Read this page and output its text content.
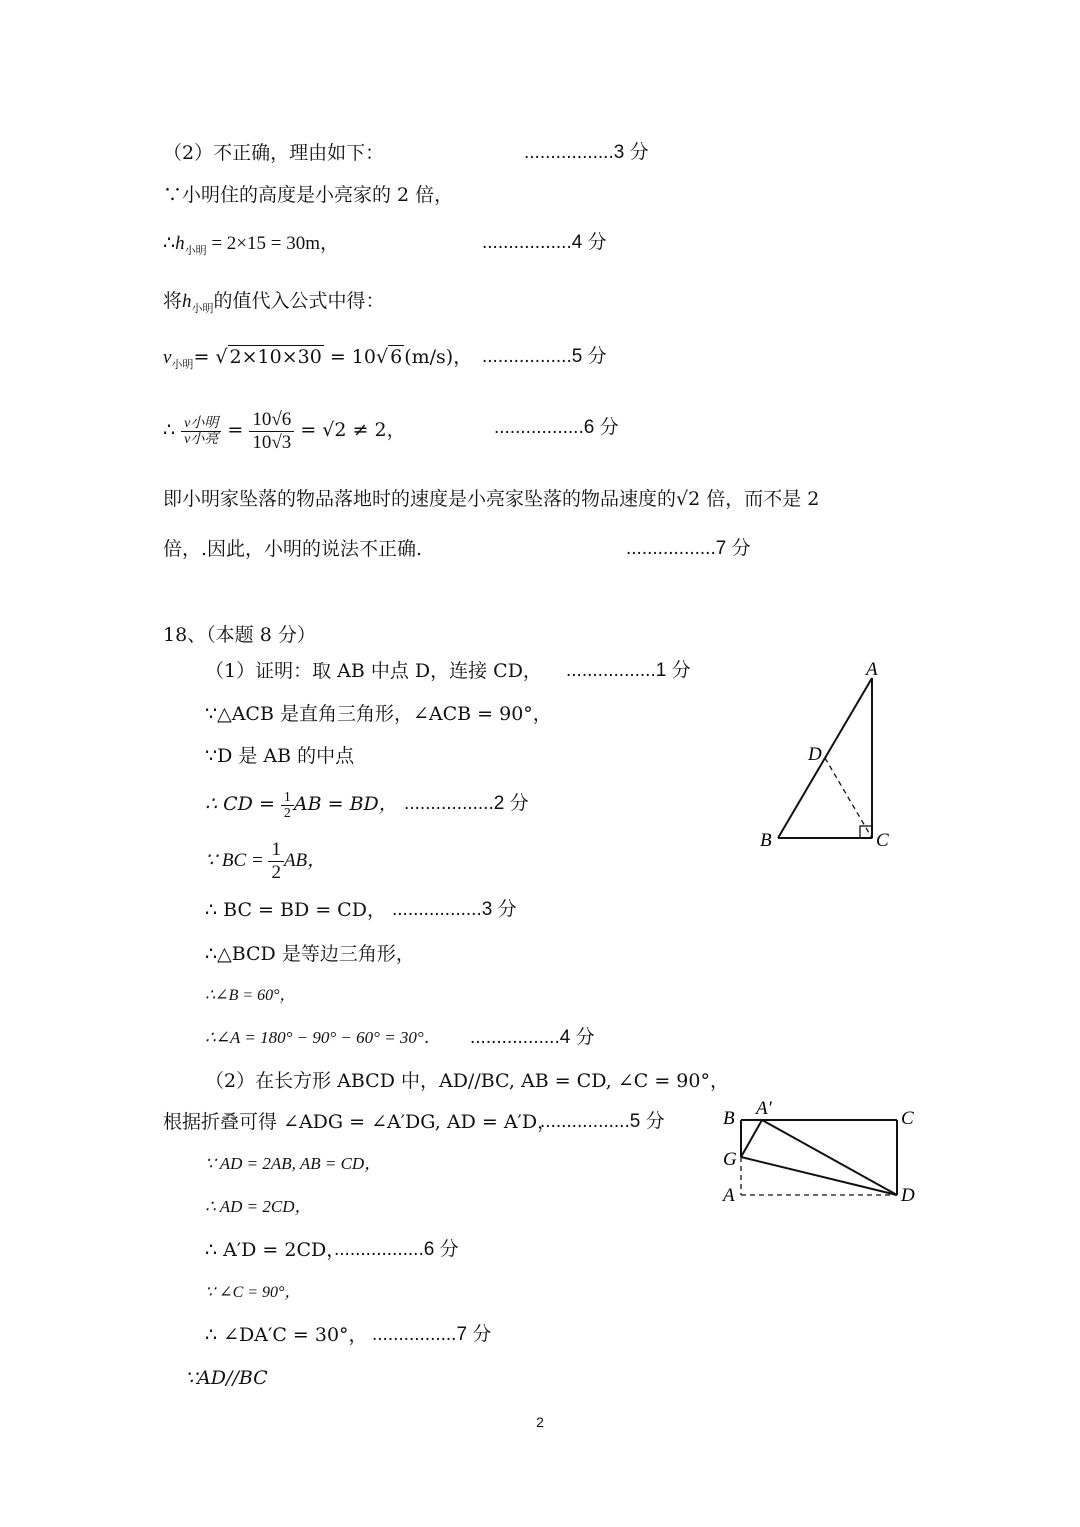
（2）不正确，理由如下：	.................3 分
∵小明住的高度是小亮家的 2 倍，
$\therefore h_{小明} = 2\times 15 = 30m$，	.................4 分
将$h_{小明}$的值代入公式中得：
$v_{小明}=$ √ 2×10×30 = 10√ 6 (m/s)， .................5 分
∴ $\frac{\text{v小明}}{\text{v小亮}} = \frac{10√6}{10√3} = √2 \ne 2$，	.................6 分
即小明家坠落的物品落地时的速度是小亮家坠落的物品速度的√2 倍，而不是 2
倍，.因此，小明的说法不正确.	.................7 分
18、（本题 8 分）
（1）证明：取 AB 中点 D，连接 CD， .................1 分
∵△ACB 是直角三角形，∠ACB = 90°，
∵D 是 AB 的中点
∴ CD = $\frac{1}{2}$ AB = BD， .................2 分
∵ BC = $\frac{1}{2}$ AB，
∴ BC = BD = CD， .................3 分
∴△BCD 是等边三角形，
∴∠B = 60°，
∴∠A = 180° − 90° − 60° = 30°． .................4 分
（2）在长方形 ABCD 中，AD//BC, AB = CD, ∠C = 90°，
根据折叠可得 ∠ADG = ∠A′DG, AD = A′D，
.................5 分
∵ AD = 2AB, AB = CD，
∴ AD = 2CD，
∴ A′D = 2CD，
.................6 分
∵ ∠C = 90°，
∴ ∠DA′C = 30°， ................7 分
∵AD//BC
A
B	C
D
B A′	C
G
A	D
2
